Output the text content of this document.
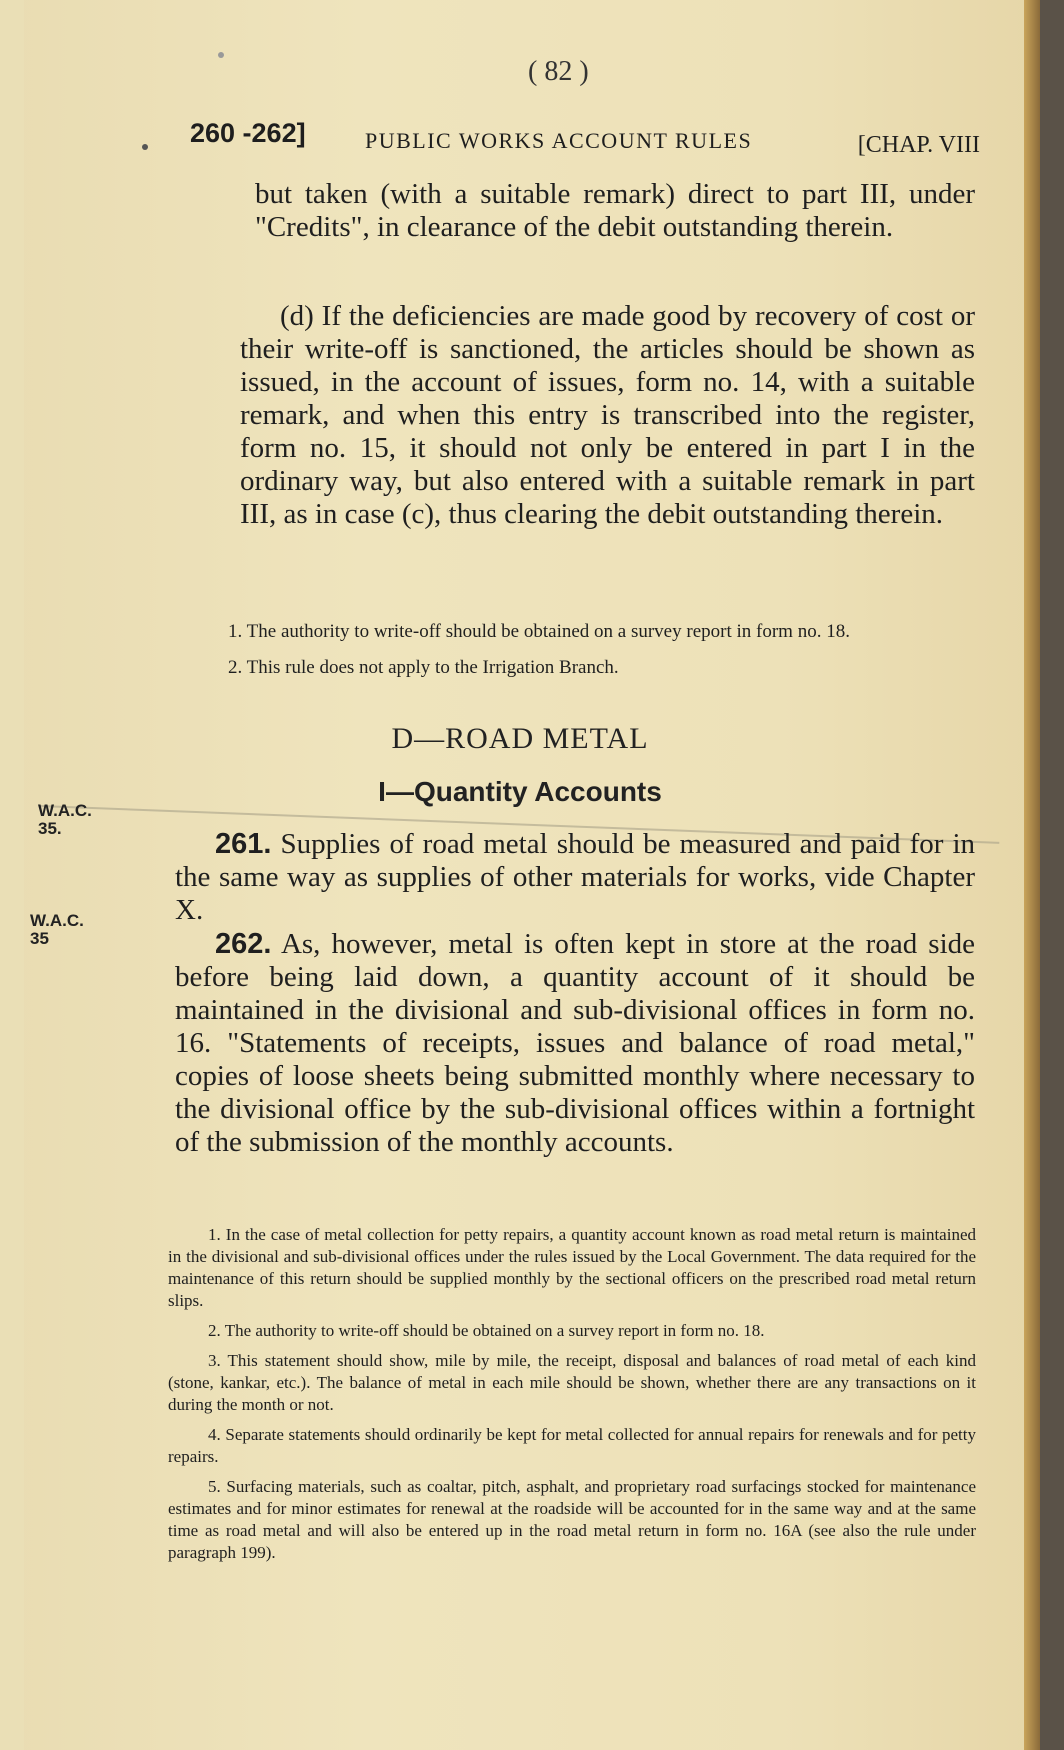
( 82 )
260 -262]	PUBLIC WORKS ACCOUNT RULES	[CHAP. VIII

but taken (with a suitable remark) direct to part III, under "Credits", in clearance of the debit outstanding therein.

(d) If the deficiencies are made good by recovery of cost or their write-off is sanctioned, the articles should be shown as issued, in the account of issues, form no. 14, with a suitable remark, and when this entry is transcribed into the register, form no. 15, it should not only be entered in part I in the ordinary way, but also entered with a suitable remark in part III, as in case (c), thus clearing the debit outstanding therein.

1. The authority to write-off should be obtained on a survey report in form no. 18.

2. This rule does not apply to the Irrigation Branch.

D—ROAD METAL
I—Quantity Accounts
W.A.C.
35.
W.A.C.
35

261. Supplies of road metal should be measured and paid for in the same way as supplies of other materials for works, vide Chapter X.

262. As, however, metal is often kept in store at the road side before being laid down, a quantity account of it should be maintained in the divisional and sub-divisional offices in form no. 16. "Statements of receipts, issues and balance of road metal," copies of loose sheets being submitted monthly where necessary to the divisional office by the sub-divisional offices within a fortnight of the submission of the monthly accounts.

1. In the case of metal collection for petty repairs, a quantity account known as road metal return is maintained in the divisional and sub-divisional offices under the rules issued by the Local Government. The data required for the maintenance of this return should be supplied monthly by the sectional officers on the prescribed road metal return slips.

2. The authority to write-off should be obtained on a survey report in form no. 18.

3. This statement should show, mile by mile, the receipt, disposal and balances of road metal of each kind (stone, kankar, etc.). The balance of metal in each mile should be shown, whether there are any transactions on it during the month or not.

4. Separate statements should ordinarily be kept for metal collected for annual repairs for renewals and for petty repairs.

5. Surfacing materials, such as coaltar, pitch, asphalt, and proprietary road surfacings stocked for maintenance estimates and for minor estimates for renewal at the roadside will be accounted for in the same way and at the same time as road metal and will also be entered up in the road metal return in form no. 16A (see also the rule under paragraph 199).
